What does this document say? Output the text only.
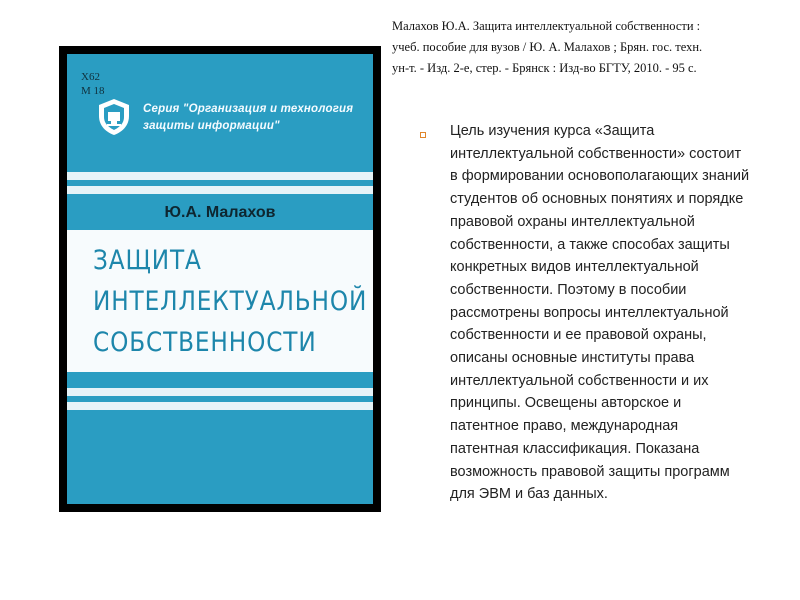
Малахов Ю.А. Защита интеллектуальной собственности :
учеб. пособие для вузов / Ю. А. Малахов ; Брян. гос. техн.
ун-т. - Изд. 2-е, стер. - Брянск : Изд-во БГТУ, 2010. - 95 с.

Х62
М 18
Серия "Организация и технология защиты информации"
Ю.А. Малахов
ЗАЩИТА
ИНТЕЛЛЕКТУАЛЬНОЙ
СОБСТВЕННОСТИ
Цель изучения курса «Защита интеллектуальной собственности» состоит в формировании основополагающих знаний студентов об основных понятиях и порядке правовой охраны интеллектуальной собственности, а также способах защиты конкретных видов интеллектуальной собственности. Поэтому в пособии рассмотрены вопросы интеллектуальной собственности и ее правовой охраны, описаны основные институты права интеллектуальной собственности и их принципы. Освещены авторское и патентное право, международная патентная классификация. Показана возможность правовой защиты программ для ЭВМ и баз данных.
